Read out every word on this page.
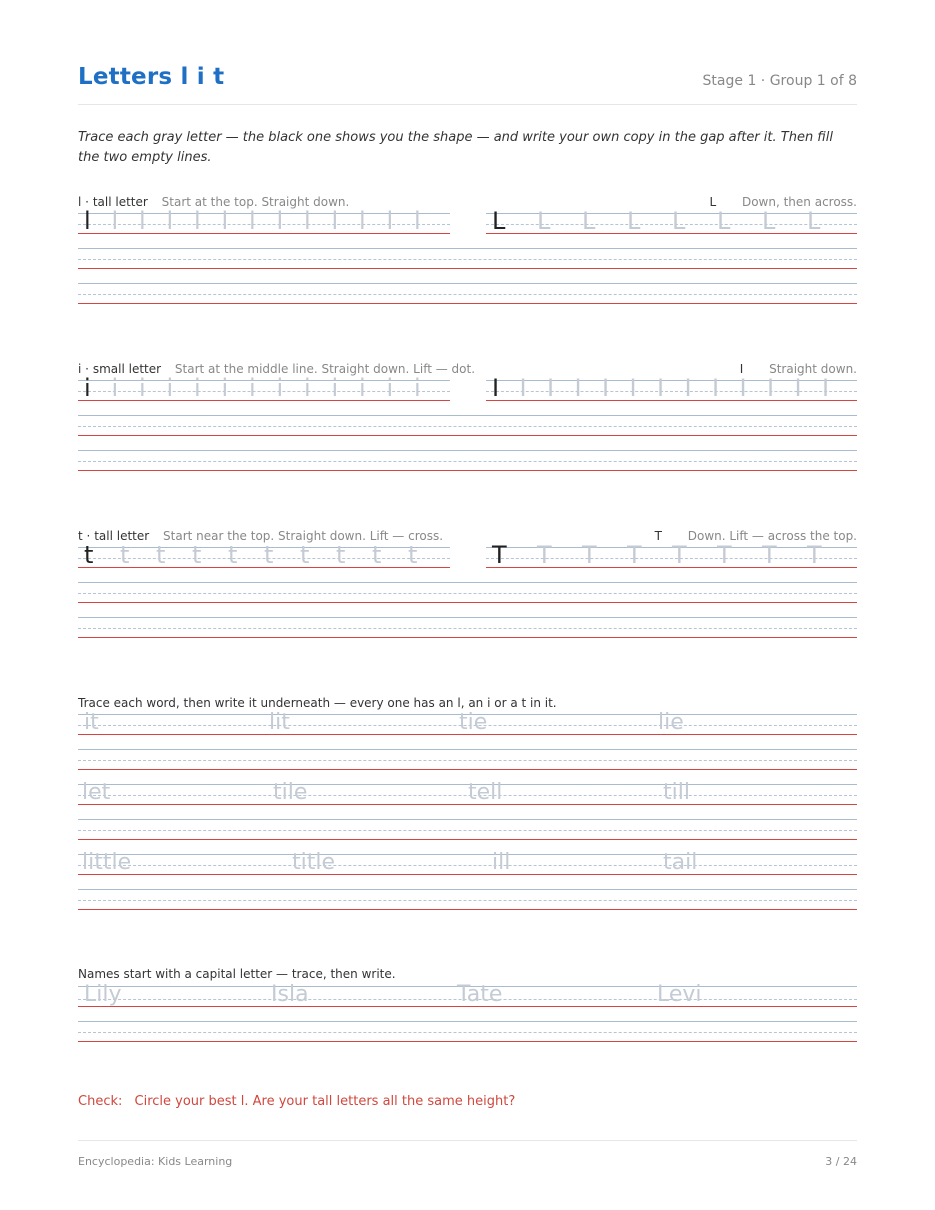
Letters l i t	Stage 1 · Group 1 of 8
Trace each gray letter — the black one shows you the shape — and write your own copy in the gap after it. Then fill the two empty lines.
l · tall letter Start at the top. Straight down.	L Down, then across.
l l l l l l l l l l l l l	L L L L L L L L
i · small letter Start at the middle line. Straight down. Lift — dot.	I Straight down.
i i i i i i i i i i i i i	I I I I I I I I I I I I I
t · tall letter Start near the top. Straight down. Lift — cross.	T Down. Lift — across the top.
t t t t t t t t t t	T T T T T T T T
Trace each word, then write it underneath — every one has an l, an i or a t in it.
it	lit	tie	lie
let	tile	tell	till
little	title	ill	tail
Names start with a capital letter — trace, then write.
Lily	Isla	Tate	Levi
Check: Circle your best l. Are your tall letters all the same height?
Encyclopedia: Kids Learning	3 / 24
